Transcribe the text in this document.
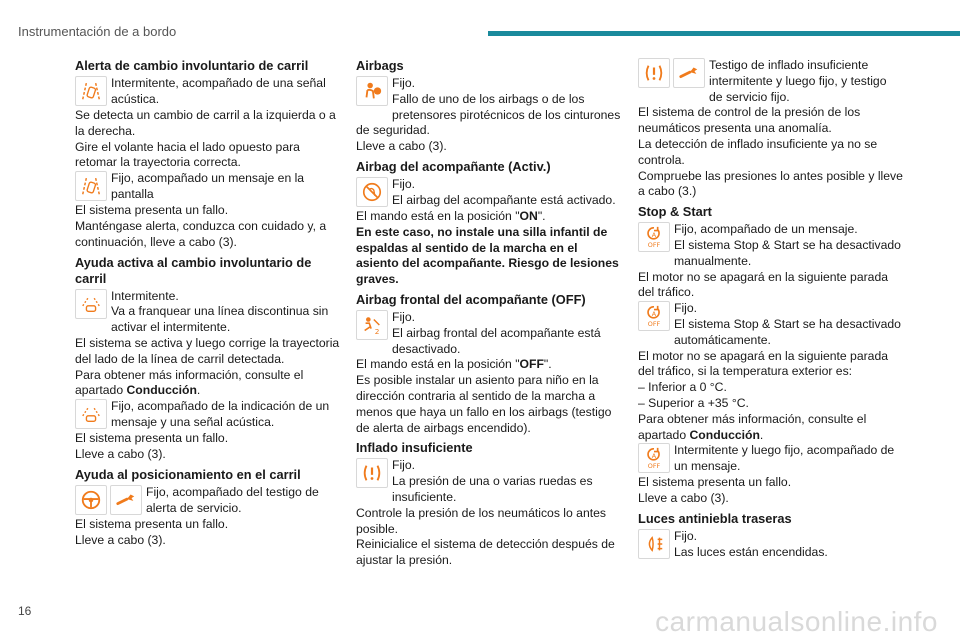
Instrumentación de a bordo
Alerta de cambio involuntario de carril
Intermitente, acompañado de una señal acústica.
Se detecta un cambio de carril a la izquierda o a la derecha.
Gire el volante hacia el lado opuesto para retomar la trayectoria correcta.
Fijo, acompañado un mensaje en la pantalla
El sistema presenta un fallo.
Manténgase alerta, conduzca con cuidado y, a continuación, lleve a cabo (3).
Ayuda activa al cambio involuntario de carril
Intermitente.
Va a franquear una línea discontinua sin activar el intermitente.
El sistema se activa y luego corrige la trayectoria del lado de la línea de carril detectada.
Para obtener más información, consulte el apartado Conducción.
Fijo, acompañado de la indicación de un mensaje y una señal acústica.
El sistema presenta un fallo.
Lleve a cabo (3).
Ayuda al posicionamiento en el carril
Fijo, acompañado del testigo de alerta de servicio.
El sistema presenta un fallo.
Lleve a cabo (3).
Airbags
Fijo.
Fallo de uno de los airbags o de los pretensores pirotécnicos de los cinturones de seguridad.
Lleve a cabo (3).
Airbag del acompañante (Activ.)
Fijo.
El airbag del acompañante está activado.
El mando está en la posición "ON".
En este caso, no instale una silla infantil de espaldas al sentido de la marcha en el asiento del acompañante. Riesgo de lesiones graves.
Airbag frontal del acompañante (OFF)
Fijo.
El airbag frontal del acompañante está desactivado.
El mando está en la posición "OFF".
Es posible instalar un asiento para niño en la dirección contraria al sentido de la marcha a menos que haya un fallo en los airbags (testigo de alerta de airbags encendido).
Inflado insuficiente
Fijo.
La presión de una o varias ruedas es insuficiente.
Controle la presión de los neumáticos lo antes posible.
Reinicialice el sistema de detección después de ajustar la presión.
Testigo de inflado insuficiente intermitente y luego fijo, y testigo de servicio fijo.
El sistema de control de la presión de los neumáticos presenta una anomalía.
La detección de inflado insuficiente ya no se controla.
Compruebe las presiones lo antes posible y lleve a cabo (3.)
Stop & Start
OFF
Fijo, acompañado de un mensaje.
El sistema Stop & Start se ha desactivado manualmente.
El motor no se apagará en la siguiente parada del tráfico.
OFF
Fijo.
El sistema Stop & Start se ha desactivado automáticamente.
El motor no se apagará en la siguiente parada del tráfico, si la temperatura exterior es:
– Inferior a 0 °C.
– Superior a +35 °C.
Para obtener más información, consulte el apartado Conducción.
OFF
Intermitente y luego fijo, acompañado de un mensaje.
El sistema presenta un fallo.
Lleve a cabo (3).
Luces antiniebla traseras
Fijo.
Las luces están encendidas.
16	carmanualsonline.info
